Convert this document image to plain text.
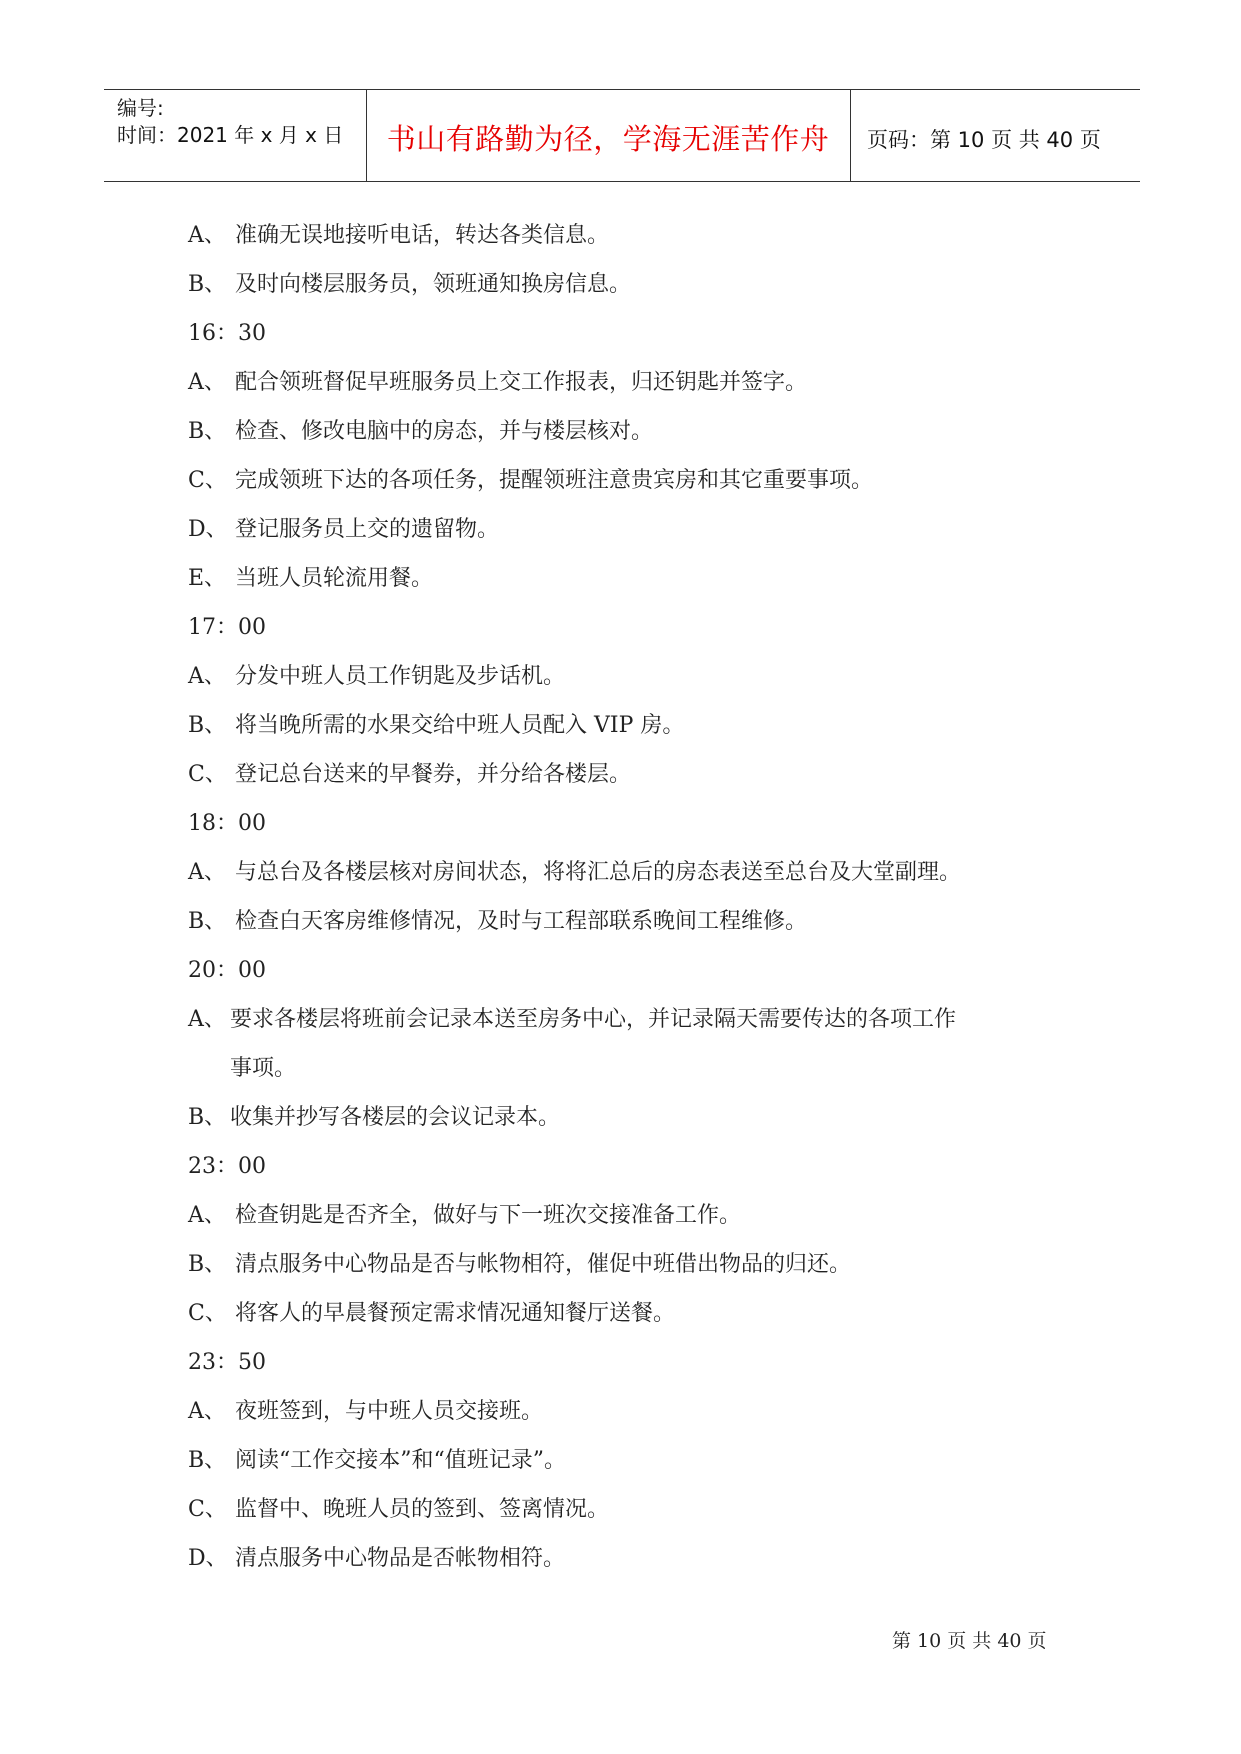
编号:
时间：2021 年 x 月 x 日	书山有路勤为径，学海无涯苦作舟	页码：第 10 页 共 40 页
A、 准确无误地接听电话，转达各类信息。
B、 及时向楼层服务员，领班通知换房信息。
16：30
A、 配合领班督促早班服务员上交工作报表，归还钥匙并签字。
B、 检查、修改电脑中的房态，并与楼层核对。
C、 完成领班下达的各项任务，提醒领班注意贵宾房和其它重要事项。
D、 登记服务员上交的遗留物。
E、 当班人员轮流用餐。
17：00
A、 分发中班人员工作钥匙及步话机。
B、 将当晚所需的水果交给中班人员配入 VIP 房。
C、 登记总台送来的早餐券，并分给各楼层。
18：00
A、 与总台及各楼层核对房间状态，将将汇总后的房态表送至总台及大堂副理。
B、 检查白天客房维修情况，及时与工程部联系晚间工程维修。
20：00
A、 要求各楼层将班前会记录本送至房务中心，并记录隔天需要传达的各项工作
事项。
B、 收集并抄写各楼层的会议记录本。
23：00
A、 检查钥匙是否齐全，做好与下一班次交接准备工作。
B、 清点服务中心物品是否与帐物相符，催促中班借出物品的归还。
C、 将客人的早晨餐预定需求情况通知餐厅送餐。
23：50
A、 夜班签到，与中班人员交接班。
B、 阅读“工作交接本”和“值班记录”。
C、 监督中、晚班人员的签到、签离情况。
D、 清点服务中心物品是否帐物相符。
第 10 页 共 40 页
